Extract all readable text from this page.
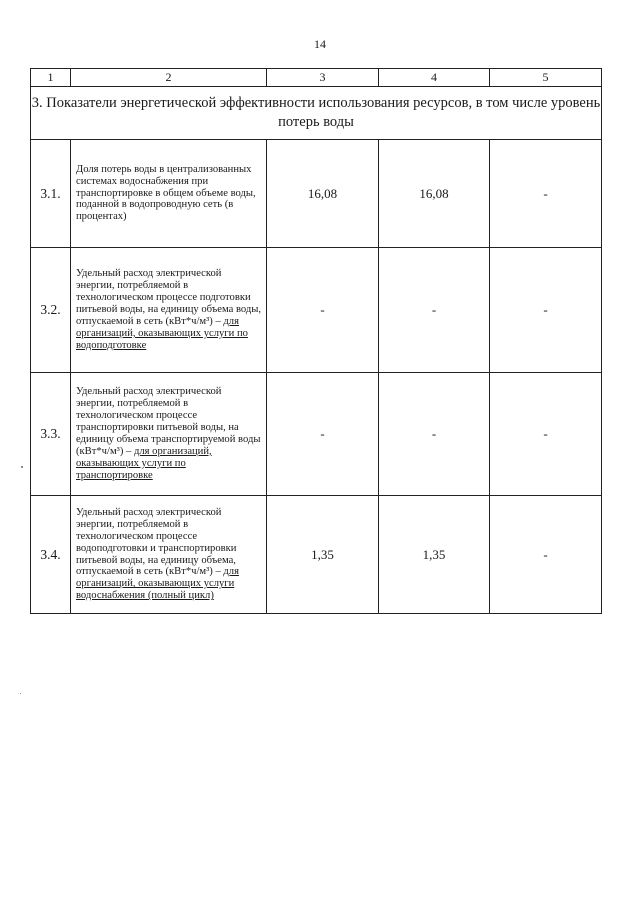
14
1	2	3	4	5
3. Показатели энергетической эффективности использования ресурсов, в том числе уровень потерь воды				
3.1.	Доля потерь воды в централизованных системах водоснабжения при транспортировке в общем объеме воды, поданной в водопроводную сеть (в процентах)	16,08	16,08	-
3.2.	Удельный расход электрической энергии, потребляемой в технологическом процессе подготовки питьевой воды, на единицу объема воды, отпускаемой в сеть (кВт*ч/м³) – для организаций, оказывающих услуги по водоподготовке	-	-	-
3.3.	Удельный расход электрической энергии, потребляемой в технологическом процессе транспортировки питьевой воды, на единицу объема транспортируемой воды (кВт*ч/м³) – для организаций, оказывающих услуги по транспортировке	-	-	-
3.4.	Удельный расход электрической энергии, потребляемой в технологическом процессе водоподготовки и транспортировки питьевой воды, на единицу объема, отпускаемой в сеть (кВт*ч/м³) – для организаций, оказывающих услуги водоснабжения (полный цикл)	1,35	1,35	-
